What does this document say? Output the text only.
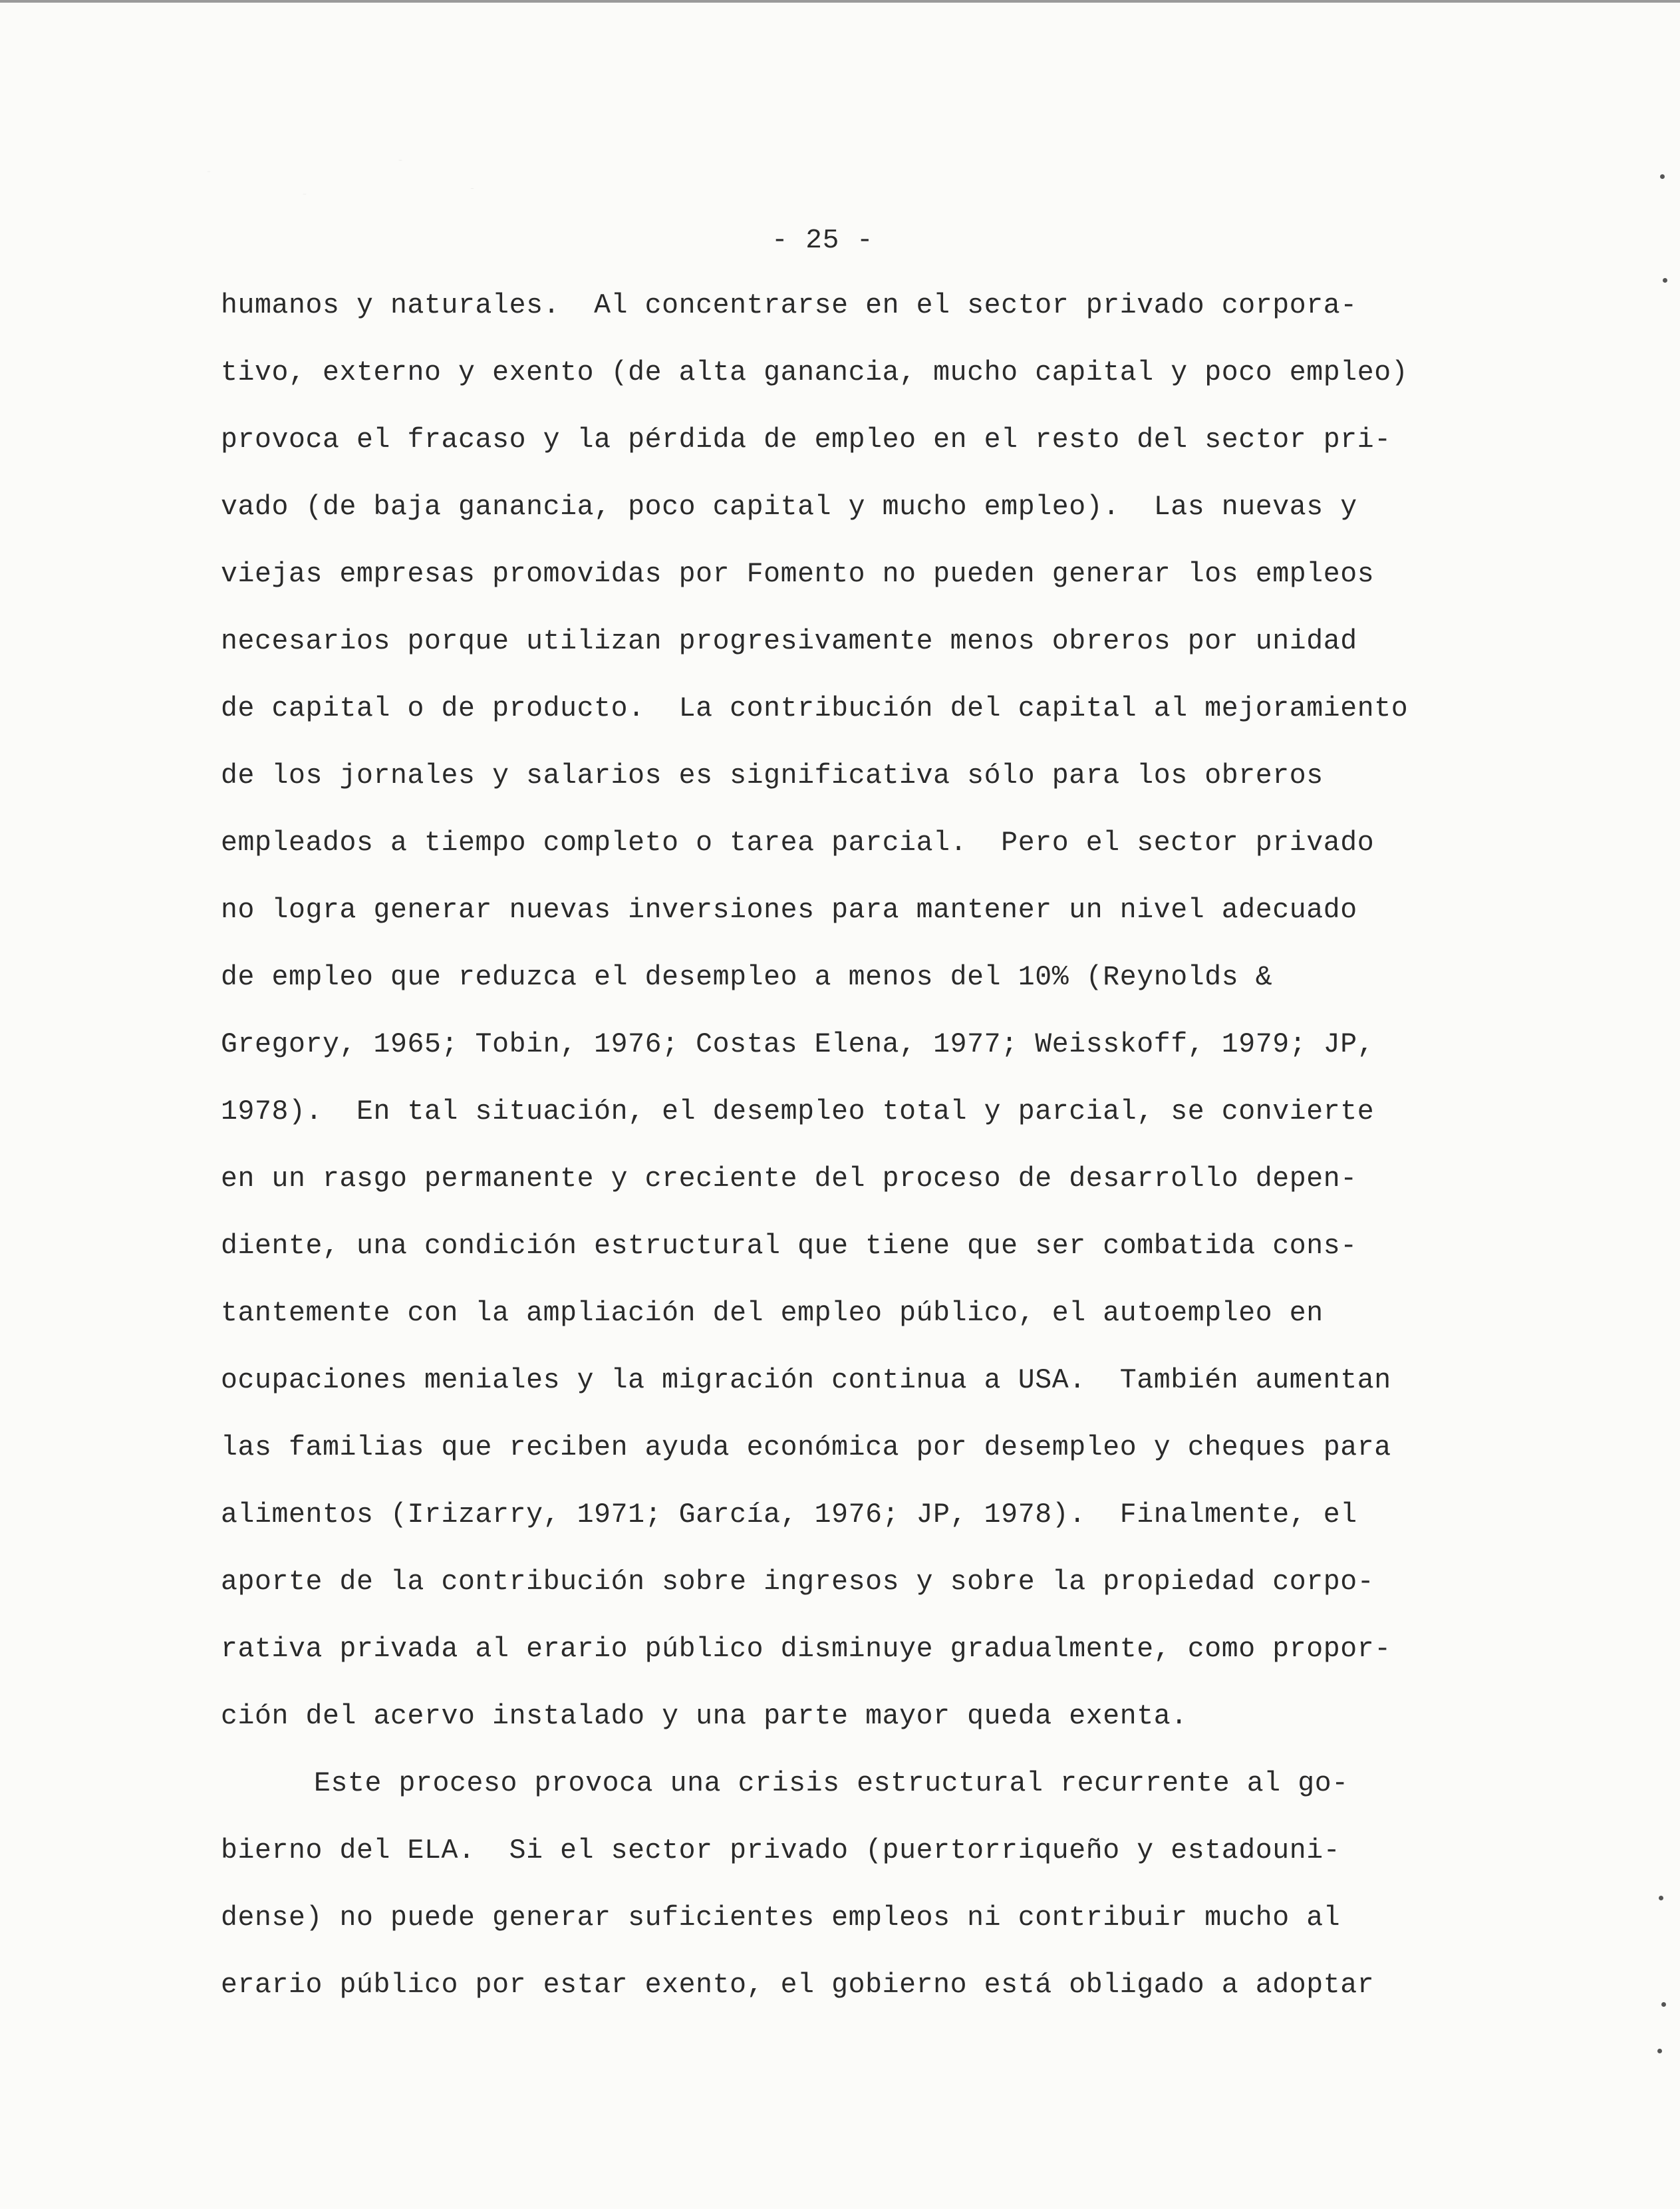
- 25 -
humanos y naturales.  Al concentrarse en el sector privado corpora-
tivo, externo y exento (de alta ganancia, mucho capital y poco empleo)
provoca el fracaso y la pérdida de empleo en el resto del sector pri-
vado (de baja ganancia, poco capital y mucho empleo).  Las nuevas y
viejas empresas promovidas por Fomento no pueden generar los empleos
necesarios porque utilizan progresivamente menos obreros por unidad
de capital o de producto.  La contribución del capital al mejoramiento
de los jornales y salarios es significativa sólo para los obreros
empleados a tiempo completo o tarea parcial.  Pero el sector privado
no logra generar nuevas inversiones para mantener un nivel adecuado
de empleo que reduzca el desempleo a menos del 10% (Reynolds &
Gregory, 1965; Tobin, 1976; Costas Elena, 1977; Weisskoff, 1979; JP,
1978).  En tal situación, el desempleo total y parcial, se convierte
en un rasgo permanente y creciente del proceso de desarrollo depen-
diente, una condición estructural que tiene que ser combatida cons-
tantemente con la ampliación del empleo público, el autoempleo en
ocupaciones meniales y la migración continua a USA.  También aumentan
las familias que reciben ayuda económica por desempleo y cheques para
alimentos (Irizarry, 1971; García, 1976; JP, 1978).  Finalmente, el
aporte de la contribución sobre ingresos y sobre la propiedad corpo-
rativa privada al erario público disminuye gradualmente, como propor-
ción del acervo instalado y una parte mayor queda exenta.
Este proceso provoca una crisis estructural recurrente al go-
bierno del ELA.  Si el sector privado (puertorriqueño y estadouni-
dense) no puede generar suficientes empleos ni contribuir mucho al
erario público por estar exento, el gobierno está obligado a adoptar
